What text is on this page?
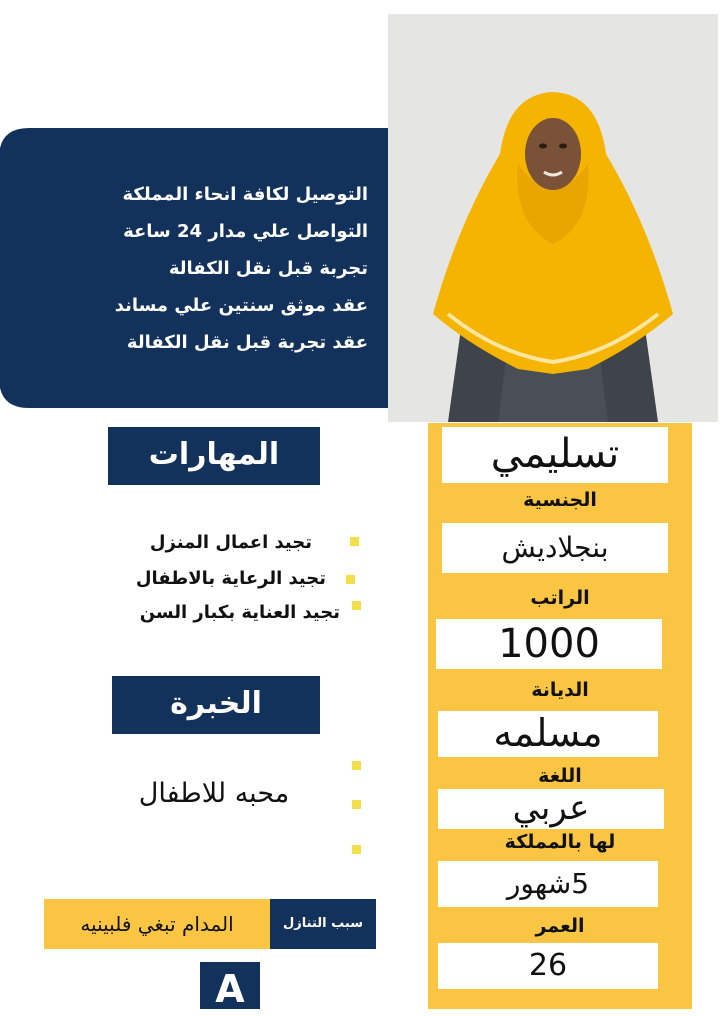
التوصيل لكافة انحاء المملكة
التواصل علي مدار 24 ساعة
تجربة قبل نقل الكفالة
عقد موثق سنتين علي مساند
عقد تجربة قبل نقل الكفالة
تسليمي
الجنسية
بنجلاديش
الراتب
1000
الديانة
مسلمه
اللغة
عربي
لها بالمملكة
5شهور
العمر
26
المهارات
تجيد اعمال المنزل
تجيد الرعاية بالاطفال
تجيد العناية بكبار السن
الخبرة
محبه للاطفال
المدام تبغي فلبينيه	سبب التنازل
A
